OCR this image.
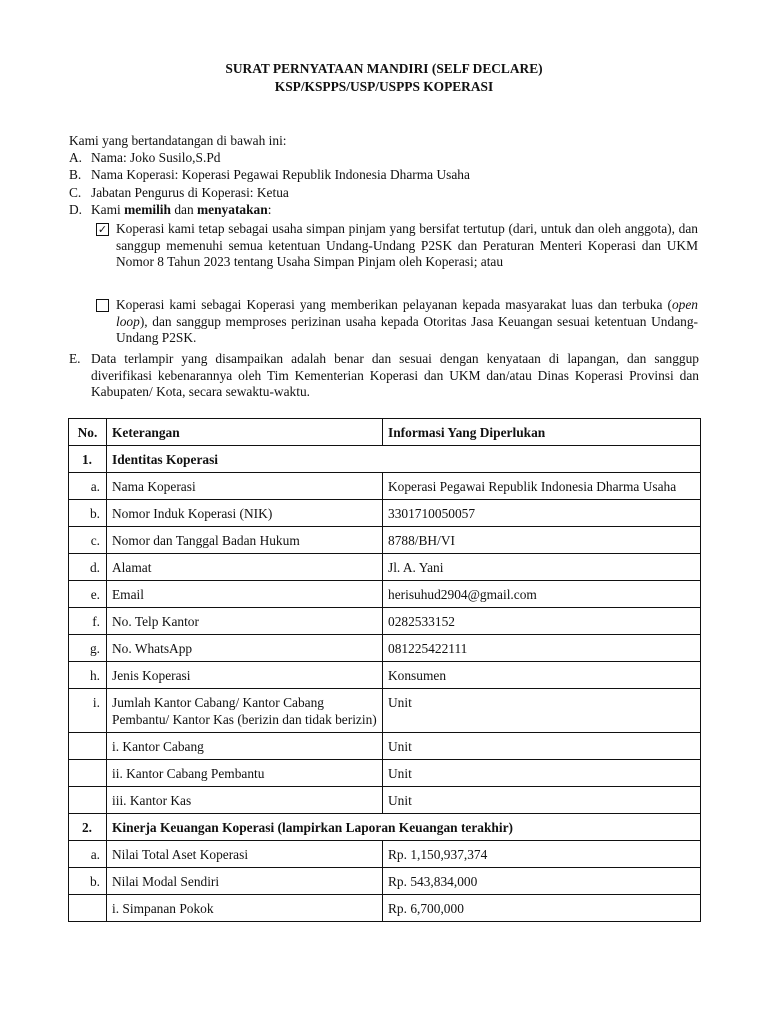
SURAT PERNYATAAN MANDIRI (SELF DECLARE)
KSP/KSPPS/USP/USPPS KOPERASI
Kami yang bertandatangan di bawah ini:
A. Nama: Joko Susilo,S.Pd
B. Nama Koperasi: Koperasi Pegawai Republik Indonesia Dharma Usaha
C. Jabatan Pengurus di Koperasi: Ketua
D. Kami memilih dan menyatakan:
✓ Koperasi kami tetap sebagai usaha simpan pinjam yang bersifat tertutup (dari, untuk dan oleh anggota), dan sanggup memenuhi semua ketentuan Undang-Undang P2SK dan Peraturan Menteri Koperasi dan UKM Nomor 8 Tahun 2023 tentang Usaha Simpan Pinjam oleh Koperasi; atau
Koperasi kami sebagai Koperasi yang memberikan pelayanan kepada masyarakat luas dan terbuka (open loop), dan sanggup memproses perizinan usaha kepada Otoritas Jasa Keuangan sesuai ketentuan Undang-Undang P2SK.
E. Data terlampir yang disampaikan adalah benar dan sesuai dengan kenyataan di lapangan, dan sanggup diverifikasi kebenarannya oleh Tim Kementerian Koperasi dan UKM dan/atau Dinas Koperasi Provinsi dan Kabupaten/ Kota, secara sewaktu-waktu.
No.	Keterangan	Informasi Yang Diperlukan
1.	Identitas Koperasi	
a.	Nama Koperasi	Koperasi Pegawai Republik Indonesia Dharma Usaha
b.	Nomor Induk Koperasi (NIK)	3301710050057
c.	Nomor dan Tanggal Badan Hukum	8788/BH/VI
d.	Alamat	Jl. A. Yani
e.	Email	herisuhud2904@gmail.com
f.	No. Telp Kantor	0282533152
g.	No. WhatsApp	081225422111
h.	Jenis Koperasi	Konsumen
i.	Jumlah Kantor Cabang/ Kantor Cabang Pembantu/ Kantor Kas (berizin dan tidak berizin)	Unit
	i. Kantor Cabang	Unit
	ii. Kantor Cabang Pembantu	Unit
	iii. Kantor Kas	Unit
2.	Kinerja Keuangan Koperasi (lampirkan Laporan Keuangan terakhir)	
a.	Nilai Total Aset Koperasi	Rp. 1,150,937,374
b.	Nilai Modal Sendiri	Rp. 543,834,000
	i. Simpanan Pokok	Rp. 6,700,000
